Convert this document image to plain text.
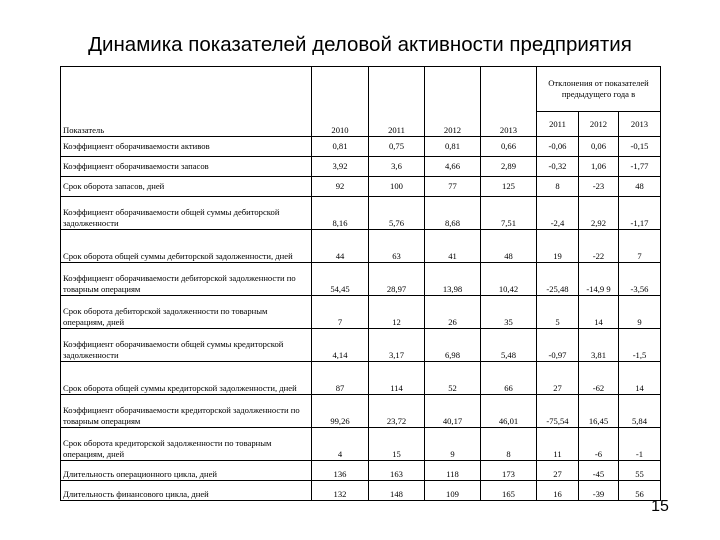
Динамика показателей деловой активности предприятия
Показатель	2010	2011	2012	2013	Отклонения от показателей предыдущего года в		
					2011	2012	2013
Коэффициент оборачиваемости активов	0,81	0,75	0,81	0,66	-0,06	0,06	-0,15
Коэффициент оборачиваемости запасов	3,92	3,6	4,66	2,89	-0,32	1,06	-1,77
Срок оборота запасов, дней	92	100	77	125	8	-23	48
Коэффициент оборачиваемости общей суммы дебиторской задолженности	8,16	5,76	8,68	7,51	-2,4	2,92	-1,17
Срок оборота общей суммы дебиторской задолженности, дней	44	63	41	48	19	-22	7
Коэффициент оборачиваемости дебиторской задолженности по товарным операциям	54,45	28,97	13,98	10,42	-25,48	-14,9 9	-3,56
Срок оборота дебиторской задолженности по товарным операциям, дней	7	12	26	35	5	14	9
Коэффициент оборачиваемости общей суммы кредиторской задолженности	4,14	3,17	6,98	5,48	-0,97	3,81	-1,5
Срок оборота общей суммы кредиторской задолженности, дней	87	114	52	66	27	-62	14
Коэффициент оборачиваемости кредиторской задолженности по товарным операциям	99,26	23,72	40,17	46,01	-75,54	16,45	5,84
Срок оборота кредиторской задолженности по товарным операциям, дней	4	15	9	8	11	-6	-1
Длительность операционного цикла, дней	136	163	118	173	27	-45	55
Длительность финансового цикла, дней	132	148	109	165	16	-39	56
15
